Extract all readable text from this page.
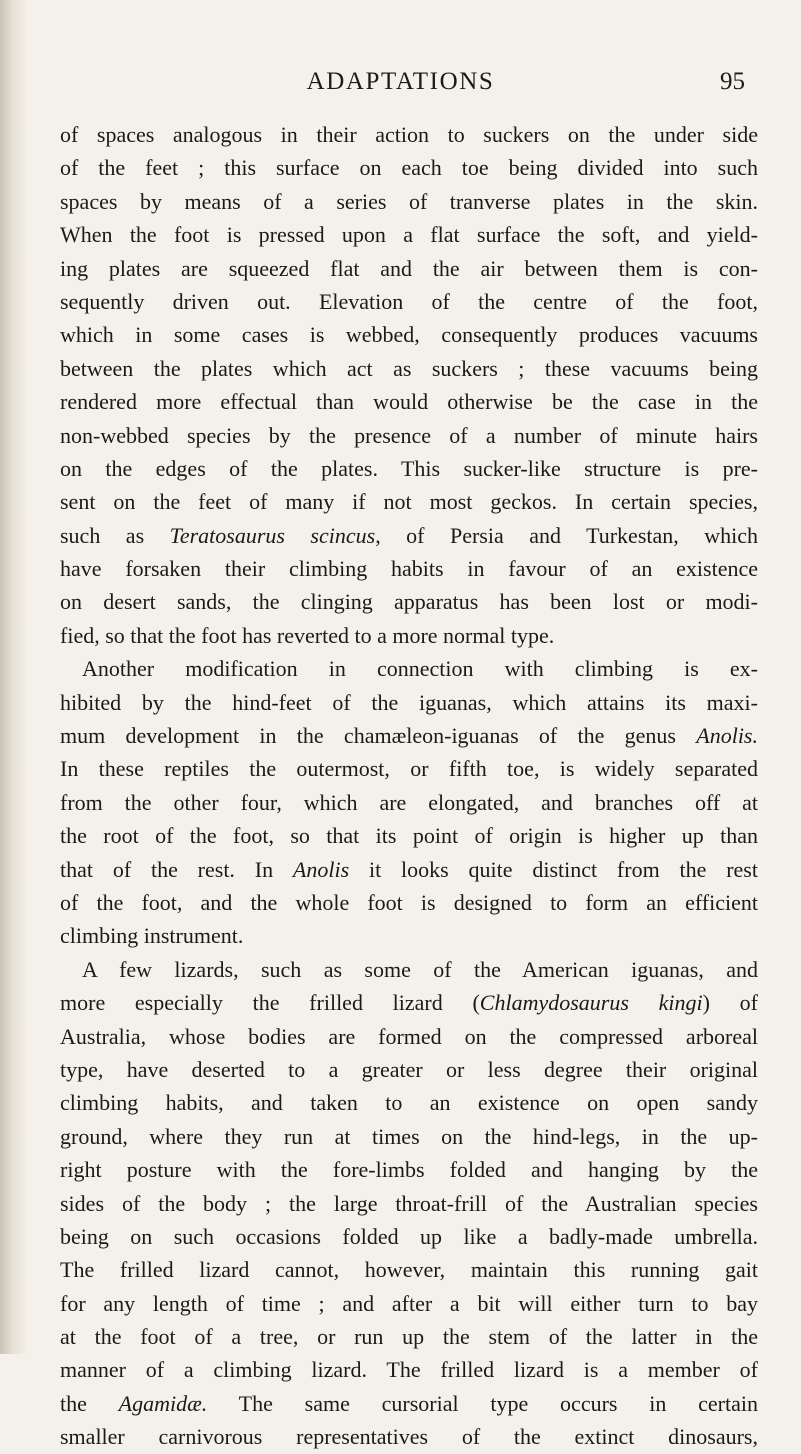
ADAPTATIONS	95
of spaces analogous in their action to suckers on the under side
of the feet ; this surface on each toe being divided into such
spaces by means of a series of tranverse plates in the skin.
When the foot is pressed upon a flat surface the soft, and yield-
ing plates are squeezed flat and the air between them is con-
sequently driven out. Elevation of the centre of the foot,
which in some cases is webbed, consequently produces vacuums
between the plates which act as suckers ; these vacuums being
rendered more effectual than would otherwise be the case in the
non-webbed species by the presence of a number of minute hairs
on the edges of the plates. This sucker-like structure is pre-
sent on the feet of many if not most geckos. In certain species,
such as Teratosaurus scincus, of Persia and Turkestan, which
have forsaken their climbing habits in favour of an existence
on desert sands, the clinging apparatus has been lost or modi-
fied, so that the foot has reverted to a more normal type.
Another modification in connection with climbing is ex-
hibited by the hind-feet of the iguanas, which attains its maxi-
mum development in the chamæleon-iguanas of the genus Anolis.
In these reptiles the outermost, or fifth toe, is widely separated
from the other four, which are elongated, and branches off at
the root of the foot, so that its point of origin is higher up than
that of the rest. In Anolis it looks quite distinct from the rest
of the foot, and the whole foot is designed to form an efficient
climbing instrument.
A few lizards, such as some of the American iguanas, and
more especially the frilled lizard (Chlamydosaurus kingi) of
Australia, whose bodies are formed on the compressed arboreal
type, have deserted to a greater or less degree their original
climbing habits, and taken to an existence on open sandy
ground, where they run at times on the hind-legs, in the up-
right posture with the fore-limbs folded and hanging by the
sides of the body ; the large throat-frill of the Australian species
being on such occasions folded up like a badly-made umbrella.
The frilled lizard cannot, however, maintain this running gait
for any length of time ; and after a bit will either turn to bay
at the foot of a tree, or run up the stem of the latter in the
manner of a climbing lizard. The frilled lizard is a member of
the Agamidæ. The same cursorial type occurs in certain
smaller carnivorous representatives of the extinct dinosaurs,
